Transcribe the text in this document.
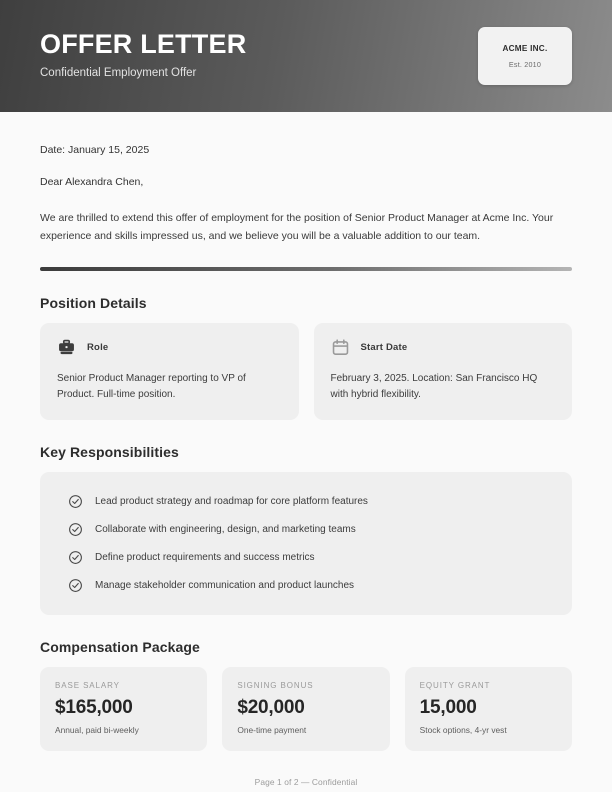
OFFER LETTER
Confidential Employment Offer
ACME INC.
Est. 2010
Date: January 15, 2025
Dear Alexandra Chen,
We are thrilled to extend this offer of employment for the position of Senior Product Manager at Acme Inc. Your experience and skills impressed us, and we believe you will be a valuable addition to our team.
Position Details
Role
Senior Product Manager reporting to VP of Product. Full-time position.
Start Date
February 3, 2025. Location: San Francisco HQ with hybrid flexibility.
Key Responsibilities
Lead product strategy and roadmap for core platform features
Collaborate with engineering, design, and marketing teams
Define product requirements and success metrics
Manage stakeholder communication and product launches
Compensation Package
BASE SALARY
$165,000
Annual, paid bi-weekly
SIGNING BONUS
$20,000
One-time payment
EQUITY GRANT
15,000
Stock options, 4-yr vest
Page 1 of 2 — Confidential
